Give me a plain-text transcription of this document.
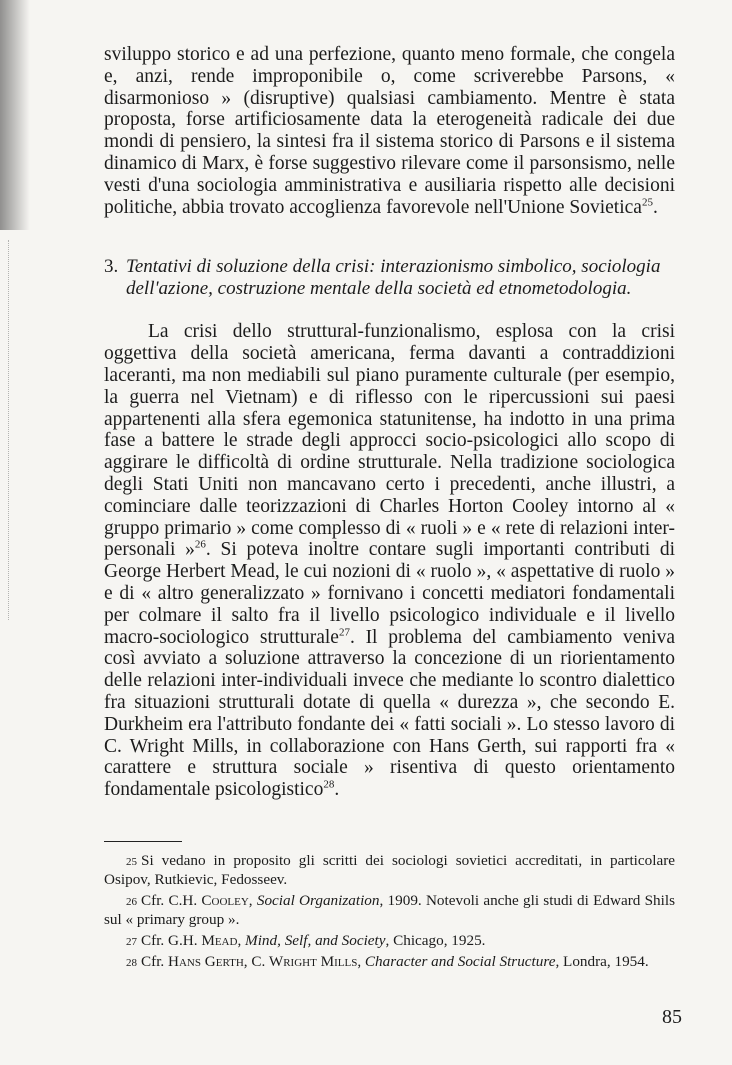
sviluppo storico e ad una perfezione, quanto meno formale, che congela e, anzi, rende improponibile o, come scriverebbe Parsons, « disarmonioso » (disruptive) qualsiasi cambiamento. Mentre è stata proposta, forse artificiosamente data la eterogeneità radicale dei due mondi di pensiero, la sintesi fra il sistema storico di Parsons e il sistema dinamico di Marx, è forse suggestivo rilevare come il parsonsismo, nelle vesti d'una sociologia amministrativa e ausiliaria rispetto alle decisioni politiche, abbia trovato accoglienza favorevole nell'Unione Sovietica$^{25}$.

3. Tentativi di soluzione della crisi: interazionismo simbolico, sociologia dell'azione, costruzione mentale della società ed etnometodologia.

La crisi dello struttural-funzionalismo, esplosa con la crisi oggettiva della società americana, ferma davanti a contraddizioni laceranti, ma non mediabili sul piano puramente culturale (per esempio, la guerra nel Vietnam) e di riflesso con le ripercussioni sui paesi appartenenti alla sfera egemonica statunitense, ha indotto in una prima fase a battere le strade degli approcci socio-psicologici allo scopo di aggirare le difficoltà di ordine strutturale. Nella tradizione sociologica degli Stati Uniti non mancavano certo i precedenti, anche illustri, a cominciare dalle teorizzazioni di Charles Horton Cooley intorno al « gruppo primario » come complesso di « ruoli » e « rete di relazioni inter-personali »$^{26}$. Si poteva inoltre contare sugli importanti contributi di George Herbert Mead, le cui nozioni di « ruolo », « aspettative di ruolo » e di « altro generalizzato » fornivano i concetti mediatori fondamentali per colmare il salto fra il livello psicologico individuale e il livello macro-sociologico strutturale$^{27}$. Il problema del cambiamento veniva così avviato a soluzione attraverso la concezione di un riorientamento delle relazioni inter-individuali invece che mediante lo scontro dialettico fra situazioni strutturali dotate di quella « durezza », che secondo E. Durkheim era l'attributo fondante dei « fatti sociali ». Lo stesso lavoro di C. Wright Mills, in collaborazione con Hans Gerth, sui rapporti fra « carattere e struttura sociale » risentiva di questo orientamento fondamentale psicologistico$^{28}$.

25 Si vedano in proposito gli scritti dei sociologi sovietici accreditati, in particolare Osipov, Rutkievic, Fedosseev.

26 Cfr. C.H. Cooley, Social Organization, 1909. Notevoli anche gli studi di Edward Shils sul « primary group ».

27 Cfr. G.H. Mead, Mind, Self, and Society, Chicago, 1925.

28 Cfr. Hans Gerth, C. Wright Mills, Character and Social Structure, Londra, 1954.

85
